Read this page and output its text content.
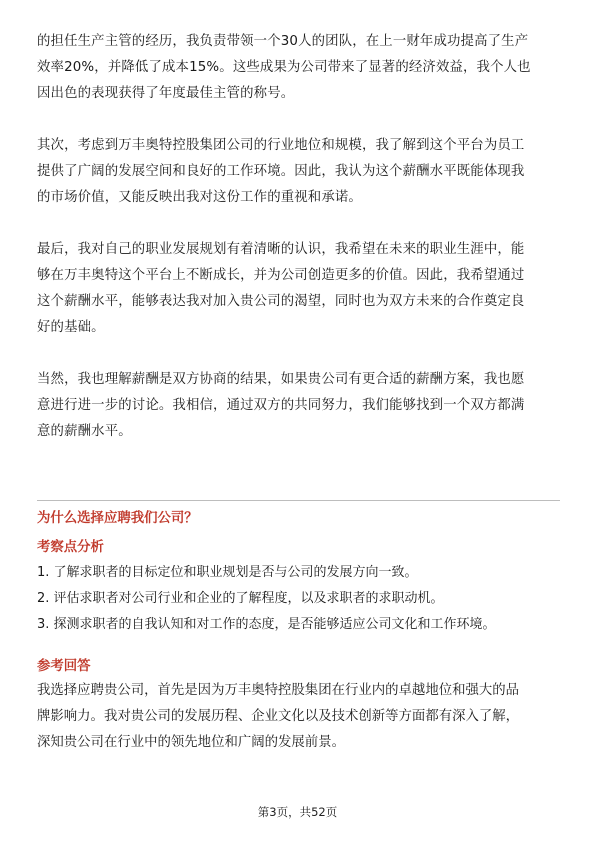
的担任生产主管的经历，我负责带领一个30人的团队，在上一财年成功提高了生产
效率20%，并降低了成本15%。这些成果为公司带来了显著的经济效益，我个人也
因出色的表现获得了年度最佳主管的称号。

其次，考虑到万丰奥特控股集团公司的行业地位和规模，我了解到这个平台为员工
提供了广阔的发展空间和良好的工作环境。因此，我认为这个薪酬水平既能体现我
的市场价值，又能反映出我对这份工作的重视和承诺。

最后，我对自己的职业发展规划有着清晰的认识，我希望在未来的职业生涯中，能
够在万丰奥特这个平台上不断成长，并为公司创造更多的价值。因此，我希望通过
这个薪酬水平，能够表达我对加入贵公司的渴望，同时也为双方未来的合作奠定良
好的基础。

当然，我也理解薪酬是双方协商的结果，如果贵公司有更合适的薪酬方案，我也愿
意进行进一步的讨论。我相信，通过双方的共同努力，我们能够找到一个双方都满
意的薪酬水平。

为什么选择应聘我们公司？

考察点分析

1. 了解求职者的目标定位和职业规划是否与公司的发展方向一致。

2. 评估求职者对公司行业和企业的了解程度，以及求职者的求职动机。

3. 探测求职者的自我认知和对工作的态度，是否能够适应公司文化和工作环境。

参考回答

我选择应聘贵公司，首先是因为万丰奥特控股集团在行业内的卓越地位和强大的品
牌影响力。我对贵公司的发展历程、企业文化以及技术创新等方面都有深入了解，
深知贵公司在行业中的领先地位和广阔的发展前景。

第3页，共52页
